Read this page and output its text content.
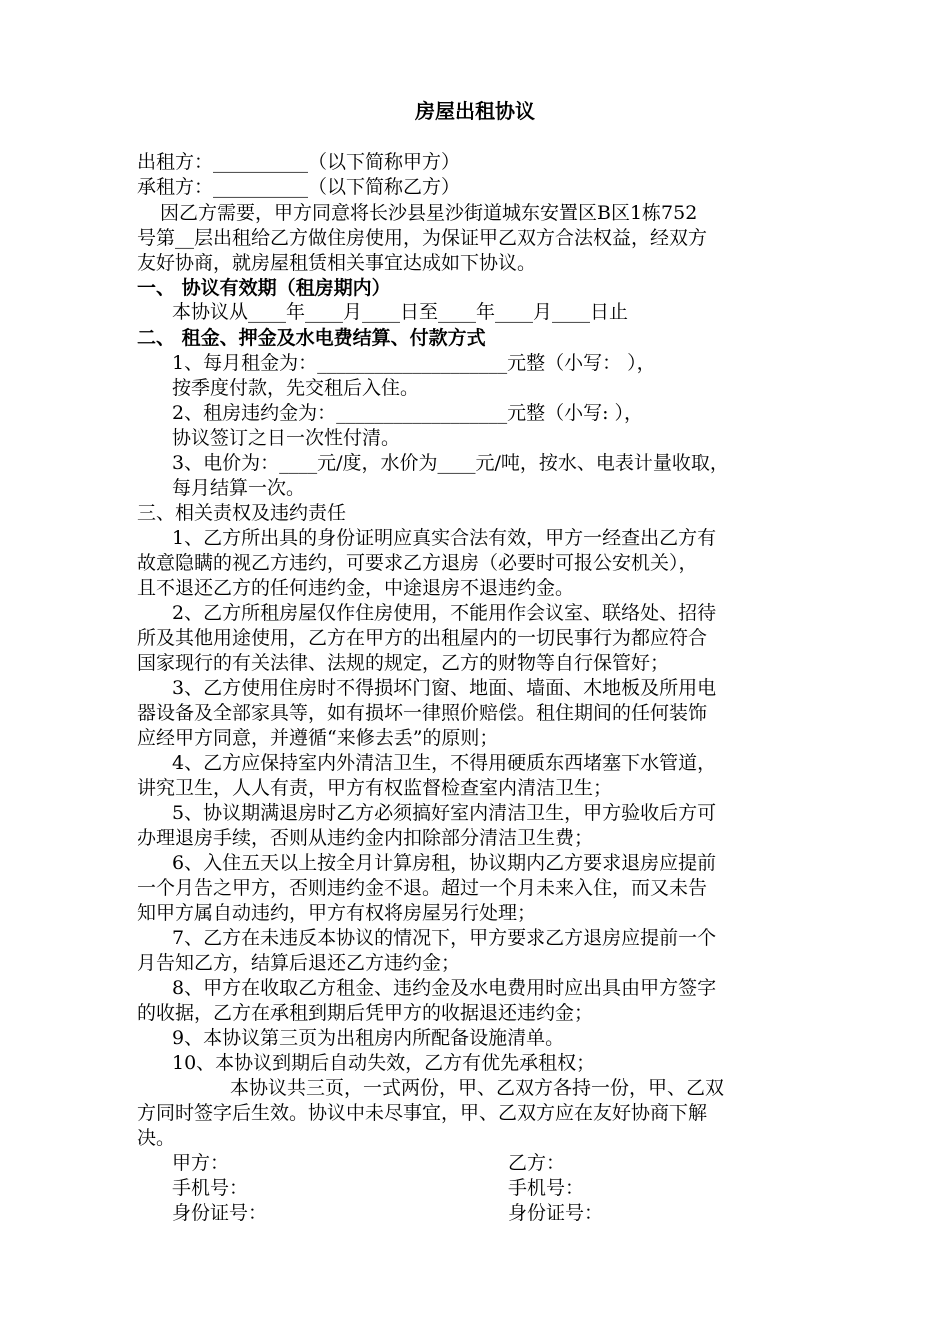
房屋出租协议
出租方：__________（以下简称甲方）
承租方：__________（以下简称乙方）
因乙方需要，甲方同意将长沙县星沙街道城东安置区B区1栋752
号第__层出租给乙方做住房使用，为保证甲乙双方合法权益，经双方
友好协商，就房屋租赁相关事宜达成如下协议。
一、 协议有效期（租房期内）
本协议从____年____月____日至____年____月____日止
二、 租金、押金及水电费结算、付款方式
1、每月租金为：____________________元整（小写： ），
按季度付款，先交租后入住。
2、租房违约金为：__________________元整（小写: ），
协议签订之日一次性付清。
3、电价为：____元/度，水价为____元/吨，按水、电表计量收取，
每月结算一次。
三、相关责权及违约责任
1、乙方所出具的身份证明应真实合法有效，甲方一经查出乙方有
故意隐瞒的视乙方违约，可要求乙方退房（必要时可报公安机关），
且不退还乙方的任何违约金，中途退房不退违约金。
2、乙方所租房屋仅作住房使用，不能用作会议室、联络处、招待
所及其他用途使用，乙方在甲方的出租屋内的一切民事行为都应符合
国家现行的有关法律、法规的规定，乙方的财物等自行保管好；
3、乙方使用住房时不得损坏门窗、地面、墙面、木地板及所用电
器设备及全部家具等，如有损坏一律照价赔偿。租住期间的任何装饰
应经甲方同意，并遵循“来修去丢”的原则；
4、乙方应保持室内外清洁卫生，不得用硬质东西堵塞下水管道，
讲究卫生，人人有责，甲方有权监督检查室内清洁卫生；
5、协议期满退房时乙方必须搞好室内清洁卫生，甲方验收后方可
办理退房手续，否则从违约金内扣除部分清洁卫生费；
6、入住五天以上按全月计算房租，协议期内乙方要求退房应提前
一个月告之甲方，否则违约金不退。超过一个月未来入住，而又未告
知甲方属自动违约，甲方有权将房屋另行处理；
7、乙方在未违反本协议的情况下，甲方要求乙方退房应提前一个
月告知乙方，结算后退还乙方违约金；
8、甲方在收取乙方租金、违约金及水电费用时应出具由甲方签字
的收据，乙方在承租到期后凭甲方的收据退还违约金；
9、本协议第三页为出租房内所配备设施清单。
10、本协议到期后自动失效，乙方有优先承租权；
本协议共三页，一式两份，甲、乙双方各持一份，甲、乙双
方同时签字后生效。协议中未尽事宜，甲、乙双方应在友好协商下解
决。
甲方：
手机号：
身份证号：
乙方：
手机号：
身份证号：
